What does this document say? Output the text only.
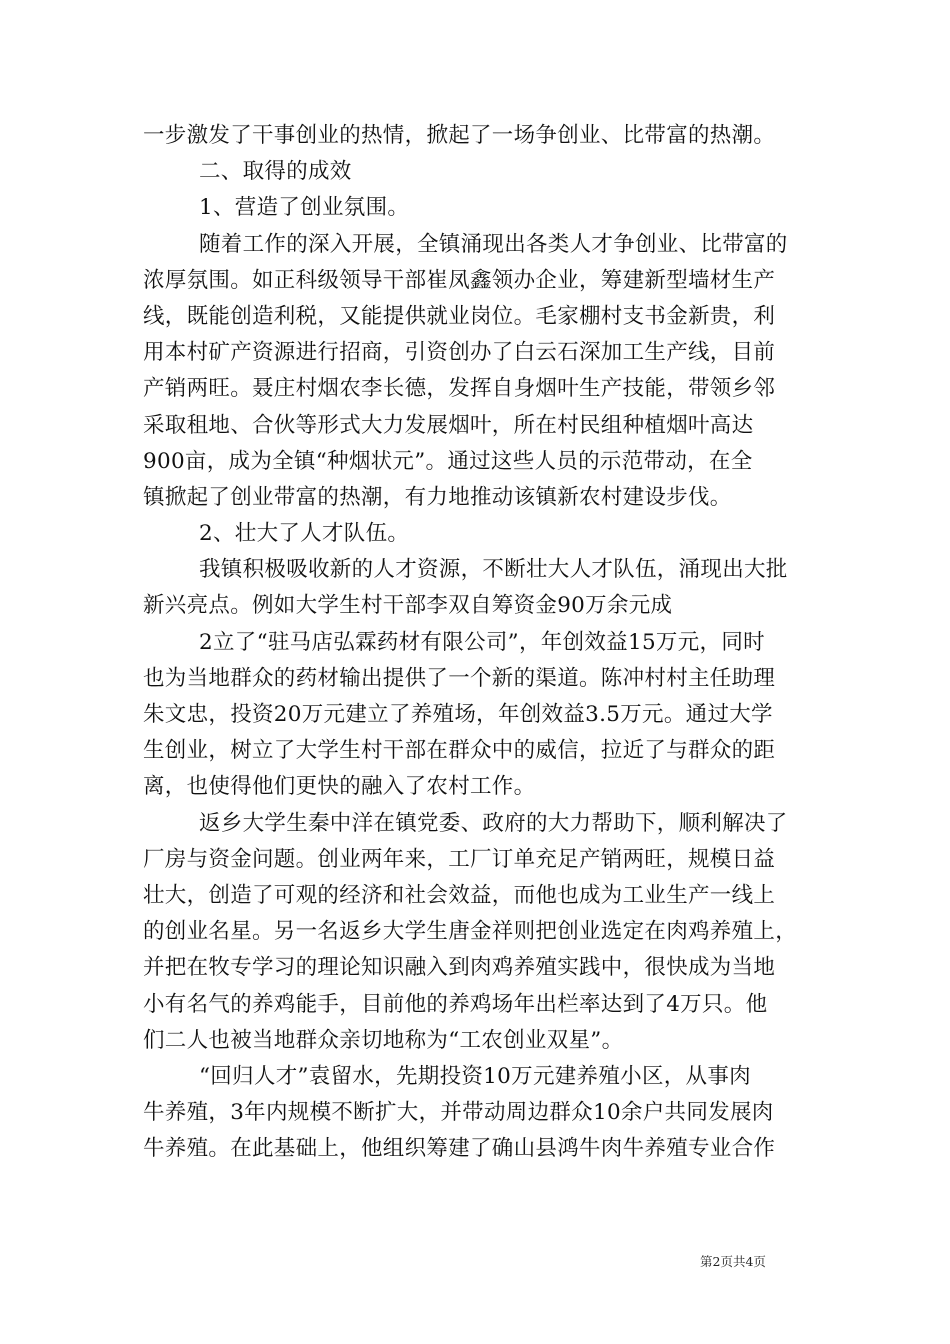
一步激发了干事创业的热情，掀起了一场争创业、比带富的热潮。
二、取得的成效
1、营造了创业氛围。
随着工作的深入开展，全镇涌现出各类人才争创业、比带富的
浓厚氛围。如正科级领导干部崔凤鑫领办企业，筹建新型墙材生产
线，既能创造利税，又能提供就业岗位。毛家棚村支书金新贵，利
用本村矿产资源进行招商，引资创办了白云石深加工生产线，目前
产销两旺。聂庄村烟农李长德，发挥自身烟叶生产技能，带领乡邻
采取租地、合伙等形式大力发展烟叶，所在村民组种植烟叶高达
900亩，成为全镇“种烟状元”。通过这些人员的示范带动，在全
镇掀起了创业带富的热潮，有力地推动该镇新农村建设步伐。
2、壮大了人才队伍。
我镇积极吸收新的人才资源，不断壮大人才队伍，涌现出大批
新兴亮点。例如大学生村干部李双自筹资金90万余元成
2立了“驻马店弘霖药材有限公司”，年创效益15万元，同时
也为当地群众的药材输出提供了一个新的渠道。陈冲村村主任助理
朱文忠，投资20万元建立了养殖场，年创效益3.5万元。通过大学
生创业，树立了大学生村干部在群众中的威信，拉近了与群众的距
离，也使得他们更快的融入了农村工作。
返乡大学生秦中洋在镇党委、政府的大力帮助下，顺利解决了
厂房与资金问题。创业两年来，工厂订单充足产销两旺，规模日益
壮大，创造了可观的经济和社会效益，而他也成为工业生产一线上
的创业名星。另一名返乡大学生唐金祥则把创业选定在肉鸡养殖上，
并把在牧专学习的理论知识融入到肉鸡养殖实践中，很快成为当地
小有名气的养鸡能手，目前他的养鸡场年出栏率达到了4万只。他
们二人也被当地群众亲切地称为“工农创业双星”。
“回归人才”袁留水，先期投资10万元建养殖小区，从事肉
牛养殖，3年内规模不断扩大，并带动周边群众10余户共同发展肉
牛养殖。在此基础上，他组织筹建了确山县鸿牛肉牛养殖专业合作
第2页共4页
